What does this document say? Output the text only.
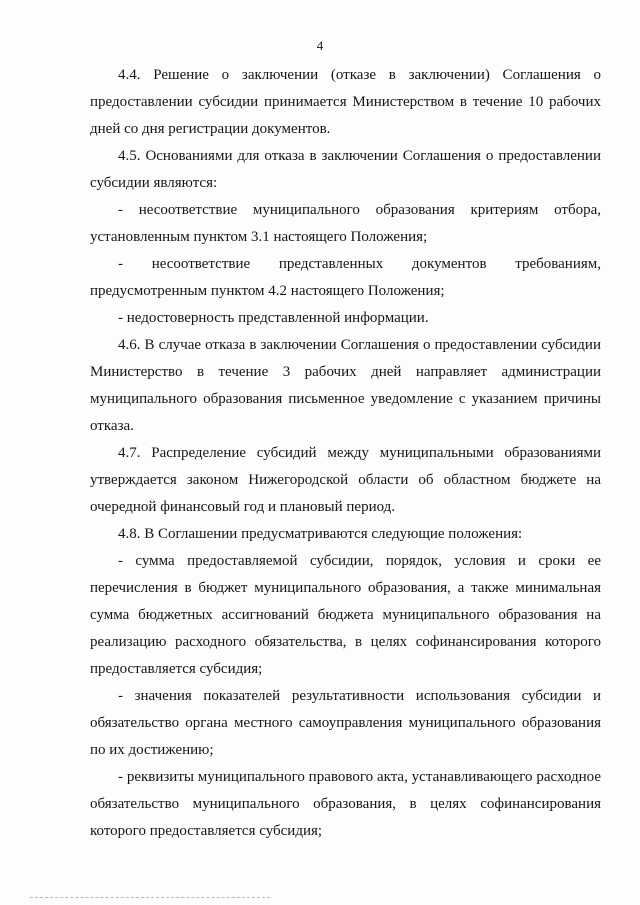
4

4.4. Решение о заключении (отказе в заключении) Соглашения о предоставлении субсидии принимается Министерством в течение 10 рабочих дней со дня регистрации документов.

4.5. Основаниями для отказа в заключении Соглашения о предоставлении субсидии являются:

- несоответствие муниципального образования критериям отбора, установленным пунктом 3.1 настоящего Положения;

- несоответствие представленных документов требованиям, предусмотренным пунктом 4.2 настоящего Положения;

- недостоверность представленной информации.

4.6. В случае отказа в заключении Соглашения о предоставлении субсидии Министерство в течение 3 рабочих дней направляет администрации муниципального образования письменное уведомление с указанием причины отказа.

4.7. Распределение субсидий между муниципальными образованиями утверждается законом Нижегородской области об областном бюджете на очередной финансовый год и плановый период.

4.8. В Соглашении предусматриваются следующие положения:

- сумма предоставляемой субсидии, порядок, условия и сроки ее перечисления в бюджет муниципального образования, а также минимальная сумма бюджетных ассигнований бюджета муниципального образования на реализацию расходного обязательства, в целях софинансирования которого предоставляется субсидия;

- значения показателей результативности использования субсидии и обязательство органа местного самоуправления муниципального образования по их достижению;

- реквизиты муниципального правового акта, устанавливающего расходное обязательство муниципального образования, в целях софинансирования которого предоставляется субсидия;
